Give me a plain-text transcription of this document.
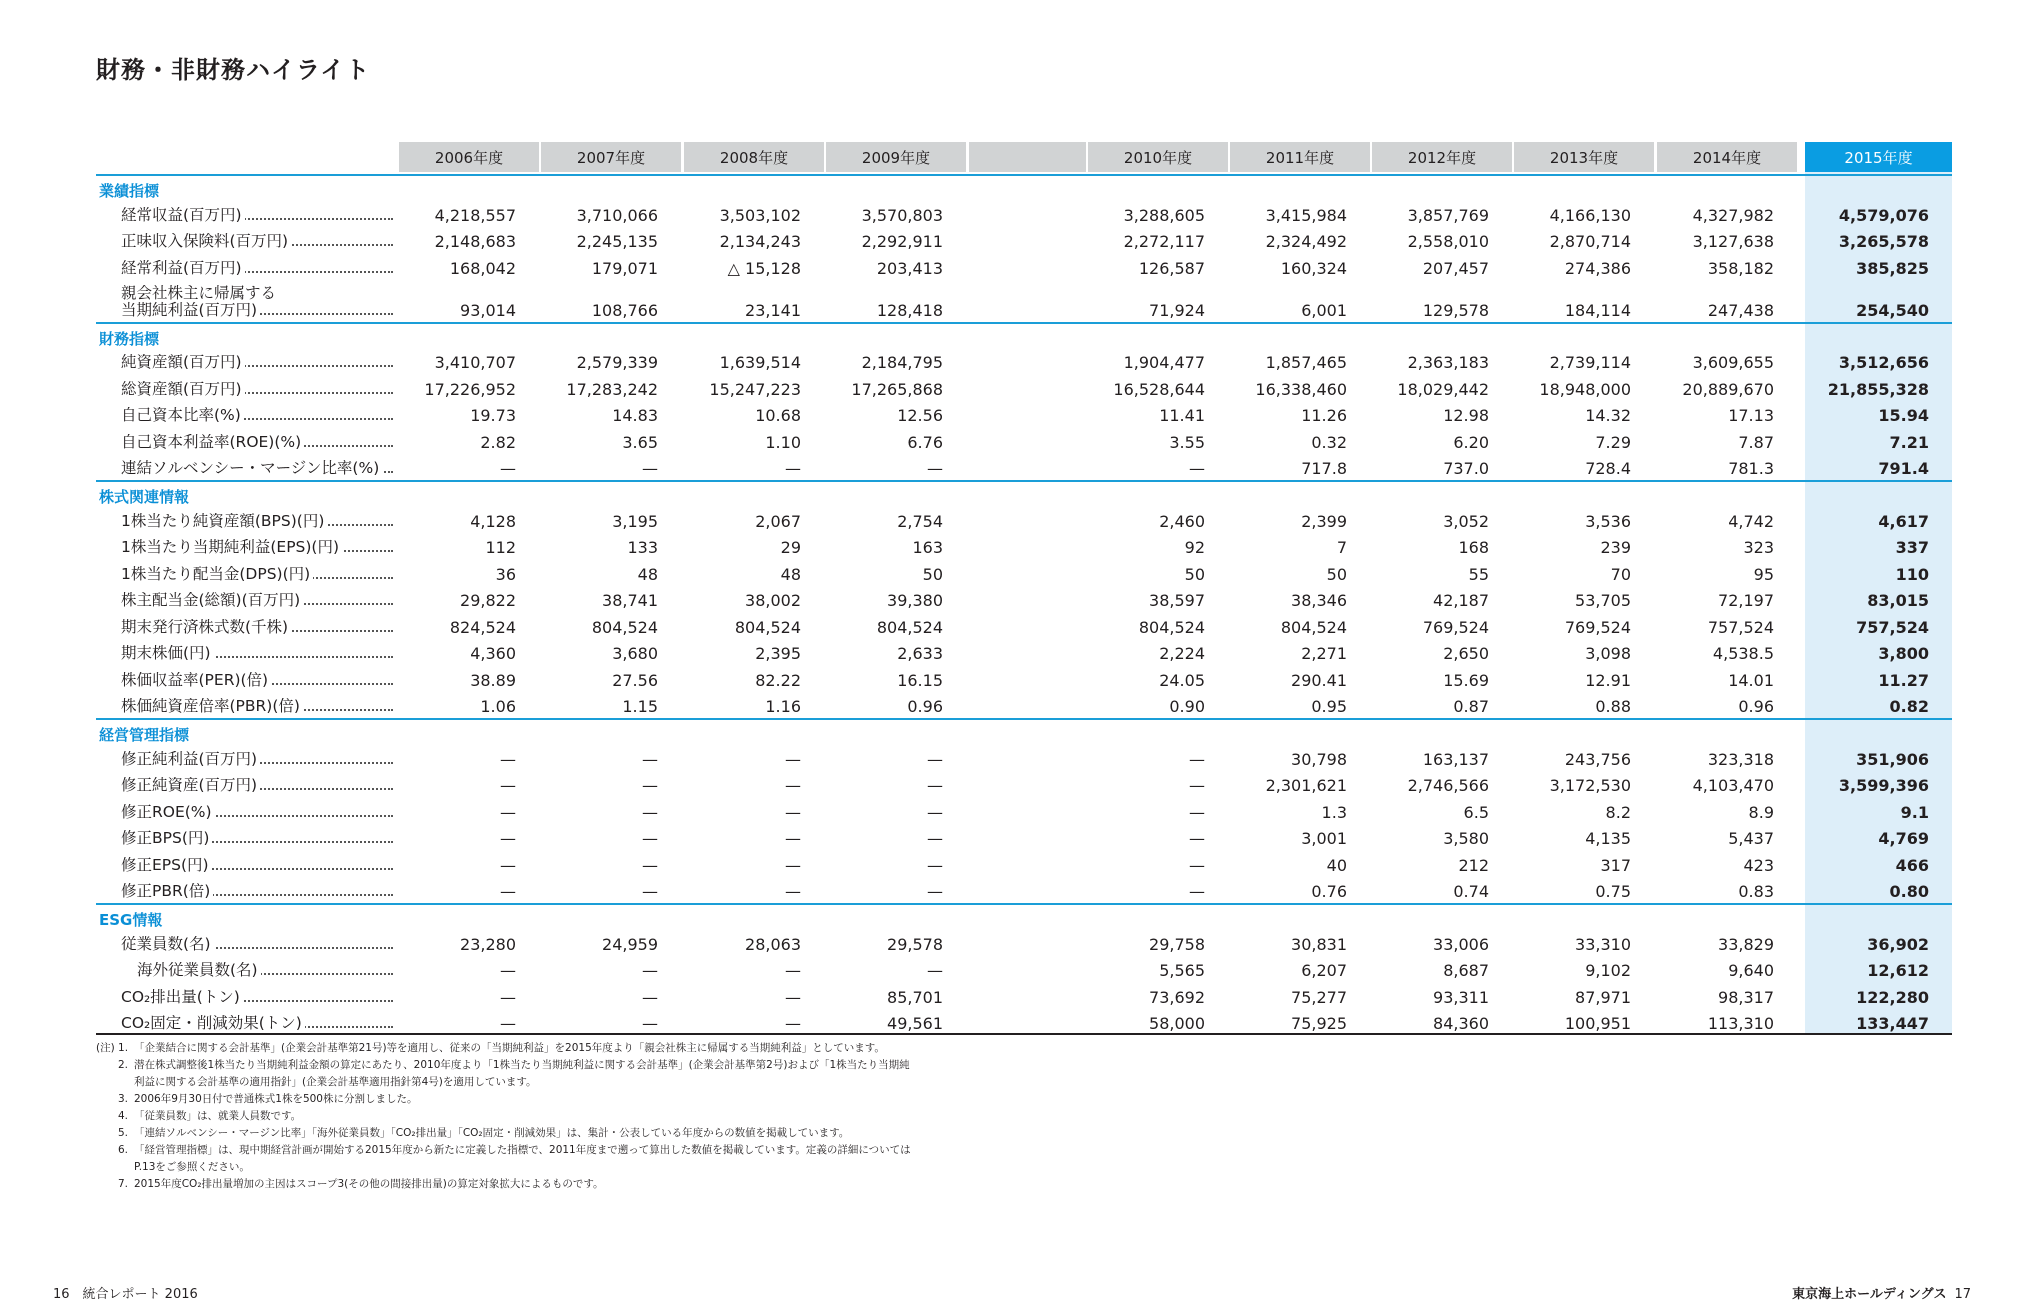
財務・非財務ハイライト
2006年度	2007年度	2008年度	2009年度	2010年度	2011年度	2012年度	2013年度	2014年度	2015年度
業績指標
経常収益(百万円)	4,218,557	3,710,066	3,503,102	3,570,803	3,288,605	3,415,984	3,857,769	4,166,130	4,327,982	4,579,076
正味収入保険料(百万円)	2,148,683	2,245,135	2,134,243	2,292,911	2,272,117	2,324,492	2,558,010	2,870,714	3,127,638	3,265,578
経常利益(百万円)	168,042	179,071	△ 15,128	203,413	126,587	160,324	207,457	274,386	358,182	385,825
親会社株主に帰属する
当期純利益(百万円)	93,014	108,766	23,141	128,418	71,924	6,001	129,578	184,114	247,438	254,540
財務指標
純資産額(百万円)	3,410,707	2,579,339	1,639,514	2,184,795	1,904,477	1,857,465	2,363,183	2,739,114	3,609,655	3,512,656
総資産額(百万円)	17,226,952	17,283,242	15,247,223	17,265,868	16,528,644	16,338,460	18,029,442	18,948,000	20,889,670	21,855,328
自己資本比率(%)	19.73	14.83	10.68	12.56	11.41	11.26	12.98	14.32	17.13	15.94
自己資本利益率(ROE)(%)	2.82	3.65	1.10	6.76	3.55	0.32	6.20	7.29	7.87	7.21
連結ソルベンシー・マージン比率(%)	—	—	—	—	—	717.8	737.0	728.4	781.3	791.4
株式関連情報
1株当たり純資産額(BPS)(円)	4,128	3,195	2,067	2,754	2,460	2,399	3,052	3,536	4,742	4,617
1株当たり当期純利益(EPS)(円)	112	133	29	163	92	7	168	239	323	337
1株当たり配当金(DPS)(円)	36	48	48	50	50	50	55	70	95	110
株主配当金(総額)(百万円)	29,822	38,741	38,002	39,380	38,597	38,346	42,187	53,705	72,197	83,015
期末発行済株式数(千株)	824,524	804,524	804,524	804,524	804,524	804,524	769,524	769,524	757,524	757,524
期末株価(円)	4,360	3,680	2,395	2,633	2,224	2,271	2,650	3,098	4,538.5	3,800
株価収益率(PER)(倍)	38.89	27.56	82.22	16.15	24.05	290.41	15.69	12.91	14.01	11.27
株価純資産倍率(PBR)(倍)	1.06	1.15	1.16	0.96	0.90	0.95	0.87	0.88	0.96	0.82
経営管理指標
修正純利益(百万円)	—	—	—	—	—	30,798	163,137	243,756	323,318	351,906
修正純資産(百万円)	—	—	—	—	—	2,301,621	2,746,566	3,172,530	4,103,470	3,599,396
修正ROE(%)	—	—	—	—	—	1.3	6.5	8.2	8.9	9.1
修正BPS(円)	—	—	—	—	—	3,001	3,580	4,135	5,437	4,769
修正EPS(円)	—	—	—	—	—	40	212	317	423	466
修正PBR(倍)	—	—	—	—	—	0.76	0.74	0.75	0.83	0.80
ESG情報
従業員数(名)	23,280	24,959	28,063	29,578	29,758	30,831	33,006	33,310	33,829	36,902
海外従業員数(名)	—	—	—	—	5,565	6,207	8,687	9,102	9,640	12,612
CO₂排出量(トン)	—	—	—	85,701	73,692	75,277	93,311	87,971	98,317	122,280
CO₂固定・削減効果(トン)	—	—	—	49,561	58,000	75,925	84,360	100,951	113,310	133,447
(注) 1. 「企業結合に関する会計基準」(企業会計基準第21号)等を適用し、従来の「当期純利益」を2015年度より「親会社株主に帰属する当期純利益」としています。
2. 潜在株式調整後1株当たり当期純利益金額の算定にあたり、2010年度より「1株当たり当期純利益に関する会計基準」(企業会計基準第2号)および「1株当たり当期純
利益に関する会計基準の適用指針」(企業会計基準適用指針第4号)を適用しています。
3. 2006年9月30日付で普通株式1株を500株に分割しました。
4. 「従業員数」は、就業人員数です。
5. 「連結ソルベンシー・マージン比率」「海外従業員数」「CO₂排出量」「CO₂固定・削減効果」は、集計・公表している年度からの数値を掲載しています。
6. 「経営管理指標」は、現中期経営計画が開始する2015年度から新たに定義した指標で、2011年度まで遡って算出した数値を掲載しています。定義の詳細については
P.13をご参照ください。
7. 2015年度CO₂排出量増加の主因はスコープ3(その他の間接排出量)の算定対象拡大によるものです。
16　統合レポート 2016	東京海上ホールディングス 17
